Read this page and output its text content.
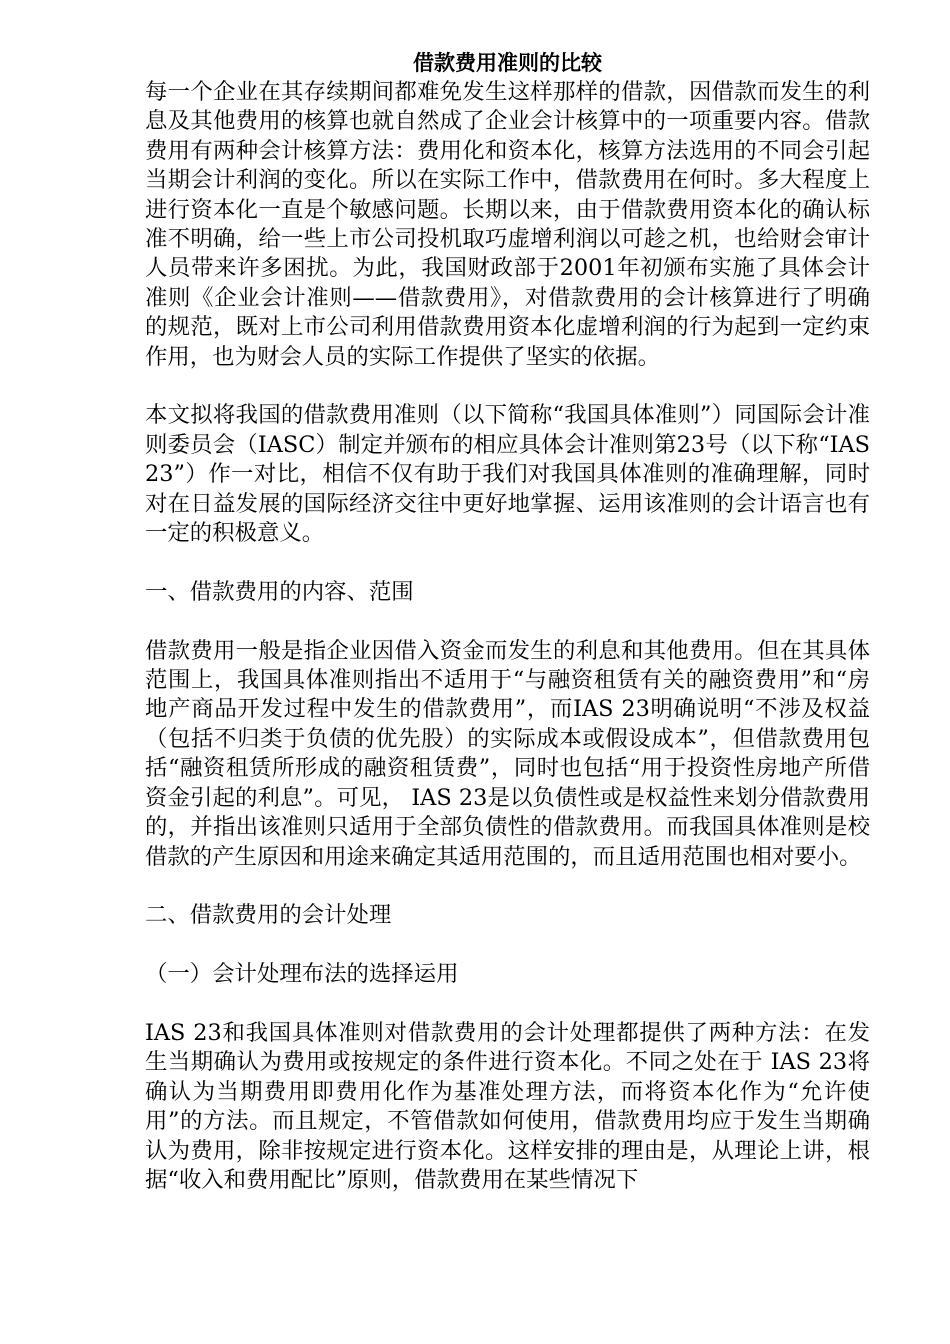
借款费用准则的比较

每一个企业在其存续期间都难免发生这样那样的借款，因借款而发生的利息及其他费用的核算也就自然成了企业会计核算中的一项重要内容。借款费用有两种会计核算方法：费用化和资本化，核算方法选用的不同会引起当期会计利润的变化。所以在实际工作中，借款费用在何时。多大程度上进行资本化一直是个敏感问题。长期以来，由于借款费用资本化的确认标准不明确，给一些上市公司投机取巧虚增利润以可趁之机，也给财会审计人员带来许多困扰。为此，我国财政部于2001年初颁布实施了具体会计准则《企业会计准则——借款费用》，对借款费用的会计核算进行了明确的规范，既对上市公司利用借款费用资本化虚增利润的行为起到一定约束作用，也为财会人员的实际工作提供了坚实的依据。

本文拟将我国的借款费用准则（以下简称“我国具体准则”）同国际会计准则委员会（IASC）制定并颁布的相应具体会计准则第23号（以下称“IAS 23”）作一对比，相信不仅有助于我们对我国具体准则的准确理解，同时对在日益发展的国际经济交往中更好地掌握、运用该准则的会计语言也有一定的积极意义。

一、借款费用的内容、范围

借款费用一般是指企业因借入资金而发生的利息和其他费用。但在其具体范围上，我国具体准则指出不适用于“与融资租赁有关的融资费用”和“房地产商品开发过程中发生的借款费用”，而IAS 23明确说明“不涉及权益（包括不归类于负债的优先股）的实际成本或假设成本”，但借款费用包括“融资租赁所形成的融资租赁费”，同时也包括“用于投资性房地产所借资金引起的利息”。可见， IAS 23是以负债性或是权益性来划分借款费用的，并指出该准则只适用于全部负债性的借款费用。而我国具体准则是校借款的产生原因和用途来确定其适用范围的，而且适用范围也相对要小。

二、借款费用的会计处理

（一）会计处理布法的选择运用

IAS 23和我国具体准则对借款费用的会计处理都提供了两种方法：在发生当期确认为费用或按规定的条件进行资本化。不同之处在于 IAS 23将确认为当期费用即费用化作为基准处理方法，而将资本化作为“允许使用”的方法。而且规定，不管借款如何使用，借款费用均应于发生当期确认为费用，除非按规定进行资本化。这样安排的理由是，从理论上讲，根据“收入和费用配比”原则，借款费用在某些情况下
